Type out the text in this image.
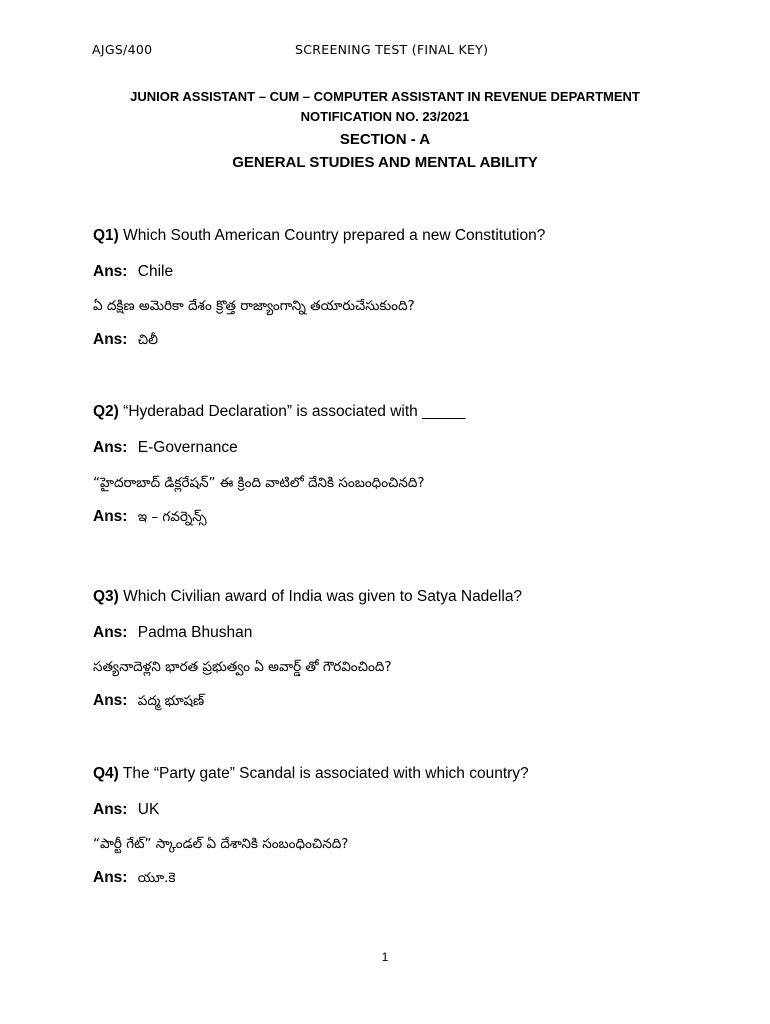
AJGS/400	SCREENING TEST (FINAL KEY)
JUNIOR ASSISTANT – CUM – COMPUTER ASSISTANT IN REVENUE DEPARTMENT
NOTIFICATION NO. 23/2021
SECTION - A
GENERAL STUDIES AND MENTAL ABILITY
Q1) Which South American Country prepared a new Constitution?
Ans: Chile
ఏ దక్షిణ అమెరికా దేశం క్రొత్త రాజ్యాంగాన్ని తయారుచేసుకుంది?
Ans: చిలీ
Q2) “Hyderabad Declaration” is associated with _____
Ans: E-Governance
“హైదరాబాద్ డిక్లరేషన్” ఈ క్రింది వాటిలో దేనికి సంబంధించినది?
Ans: ఇ – గవర్నెన్స్
Q3) Which Civilian award of India was given to Satya Nadella?
Ans: Padma Bhushan
సత్యనాదెళ్లని భారత ప్రభుత్వం ఏ అవార్డ్ తో గౌరవించింది?
Ans: పద్మ భూషణ్
Q4) The “Party gate” Scandal is associated with which country?
Ans: UK
“పార్టీ గేట్” స్కాండల్ ఏ దేశానికి సంబంధించినది?
Ans: యూ.కె
1
